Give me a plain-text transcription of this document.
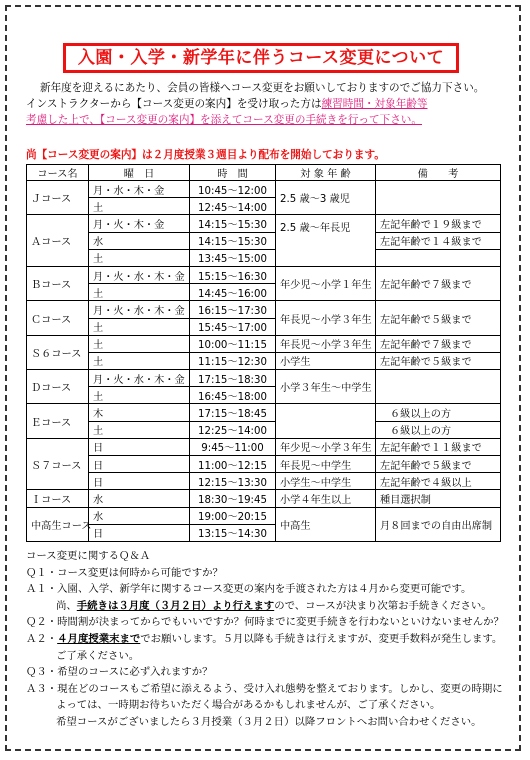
入園・入学・新学年に伴うコース変更について
新年度を迎えるにあたり、会員の皆様へコース変更をお願いしておりますのでご協力下さい。
インストラクターから【コース変更の案内】を受け取った方は練習時間・対象年齢等
考慮した上で、【コース変更の案内】を添えてコース変更の手続きを行って下さい。
尚【コース変更の案内】は２月度授業３週目より配布を開始しております。
コース名	曜　日	時　間	対 象 年 齢	備　　考
Ｊコース	月・水・木・金	10:45～12:00	2.5 歳～3 歳児	
	土	12:45～14:00		
Ａコース	月・火・木・金	14:15～15:30	2.5 歳～年長児	左記年齢で１９級まで
	水	14:15～15:30		左記年齢で１４級まで
	土	13:45～15:00		
Ｂコース	月・火・水・木・金	15:15～16:30	年少児～小学１年生	左記年齢で７級まで
	土	14:45～16:00		
Ｃコース	月・火・水・木・金	16:15～17:30	年長児～小学３年生	左記年齢で５級まで
	土	15:45～17:00		
Ｓ６コース	土	10:00～11:15	年長児～小学３年生	左記年齢で７級まで
	土	11:15～12:30	小学生	左記年齢で５級まで
Ｄコース	月・火・水・木・金	17:15～18:30	小学３年生～中学生	
	土	16:45～18:00		
Ｅコース	木	17:15～18:45		６級以上の方
	土	12:25～14:00		６級以上の方
Ｓ７コース	日	9:45～11:00	年少児～小学３年生	左記年齢で１１級まで
	日	11:00～12:15	年長児～中学生	左記年齢で５級まで
	日	12:15～13:30	小学生～中学生	左記年齢で４級以上
Ｉコース	水	18:30～19:45	小学４年生以上	種目選択制
中高生コース	水	19:00～20:15	中高生	月８回までの自由出席制
	日	13:15～14:30		
コース変更に関するＱ＆Ａ
Ｑ１・コース変更は何時から可能ですか？
Ａ１・入園、入学、新学年に関するコース変更の案内を手渡された方は４月から変更可能です。
尚、手続きは３月度（３月２日）より行えますので、コースが決まり次第お手続きください。
Ｑ２・時間割が決まってからでもいいですか？何時までに変更手続きを行わないといけないませんか？
Ａ２・４月度授業末まででお願いします。５月以降も手続きは行えますが、変更手数料が発生します。
ご了承ください。
Ｑ３・希望のコースに必ず入れますか？
Ａ３・現在どのコースもご希望に添えるよう、受け入れ態勢を整えております。しかし、変更の時期に
よっては、一時期お待ちいただく場合があるかもしれませんが、ご了承ください。
希望コースがございましたら３月授業（３月２日）以降フロントへお問い合わせください。
